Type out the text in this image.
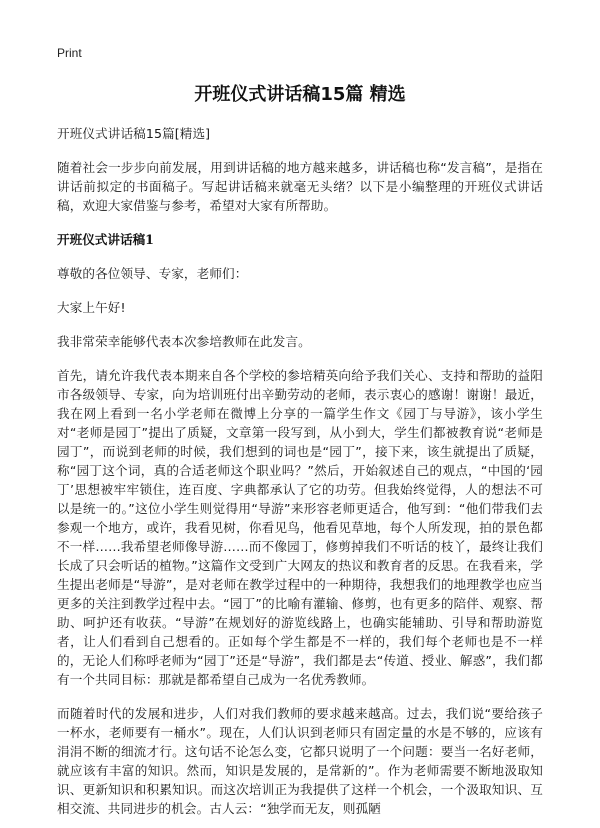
Print

开班仪式讲话稿15篇 精选

开班仪式讲话稿15篇[精选]

随着社会一步步向前发展，用到讲话稿的地方越来越多，讲话稿也称“发言稿”，是指在讲话前拟定的书面稿子。写起讲话稿来就毫无头绪？以下是小编整理的开班仪式讲话稿，欢迎大家借鉴与参考，希望对大家有所帮助。

开班仪式讲话稿1

尊敬的各位领导、专家，老师们：

大家上午好!

我非常荣幸能够代表本次参培教师在此发言。

首先，请允许我代表本期来自各个学校的参培精英向给予我们关心、支持和帮助的益阳市各级领导、专家，向为培训班付出辛勤劳动的老师，表示衷心的感谢！谢谢！最近，我在网上看到一名小学老师在微博上分享的一篇学生作文《园丁与导游》，该小学生对“老师是园丁”提出了质疑，文章第一段写到，从小到大，学生们都被教育说“老师是园丁”，而说到老师的时候，我们想到的词也是“园丁”，接下来，该生就提出了质疑，称“园丁这个词，真的合适老师这个职业吗？”然后，开始叙述自己的观点，“中国的‘园丁’思想被牢牢锁住，连百度、字典都承认了它的功劳。但我始终觉得，人的想法不可以是统一的。”这位小学生则觉得用“导游”来形容老师更适合，他写到：“他们带我们去参观一个地方，或许，我看见树，你看见鸟，他看见草地，每个人所发现，拍的景色都不一样……我希望老师像导游……而不像园丁，修剪掉我们不听话的枝丫，最终让我们长成了只会听话的植物。”这篇作文受到广大网友的热议和教育者的反思。在我看来，学生提出老师是“导游”，是对老师在教学过程中的一种期待，我想我们的地理教学也应当更多的关注到教学过程中去。“园丁”的比喻有灌输、修剪，也有更多的陪伴、观察、帮助、呵护还有收获。“导游”在规划好的游览线路上，也确实能辅助、引导和帮助游览者，让人们看到自己想看的。正如每个学生都是不一样的，我们每个老师也是不一样的，无论人们称呼老师为“园丁”还是“导游”，我们都是去“传道、授业、解惑”，我们都有一个共同目标：那就是都希望自己成为一名优秀教师。

而随着时代的发展和进步，人们对我们教师的要求越来越高。过去，我们说“要给孩子一杯水，老师要有一桶水”。现在，人们认识到老师只有固定量的水是不够的，应该有涓涓不断的细流才行。这句话不论怎么变，它都只说明了一个问题：要当一名好老师，就应该有丰富的知识。然而，知识是发展的，是常新的”。作为老师需要不断地汲取知识、更新知识和积累知识。而这次培训正为我提供了这样一个机会，一个汲取知识、互相交流、共同进步的机会。古人云：“独学而无友，则孤陋
